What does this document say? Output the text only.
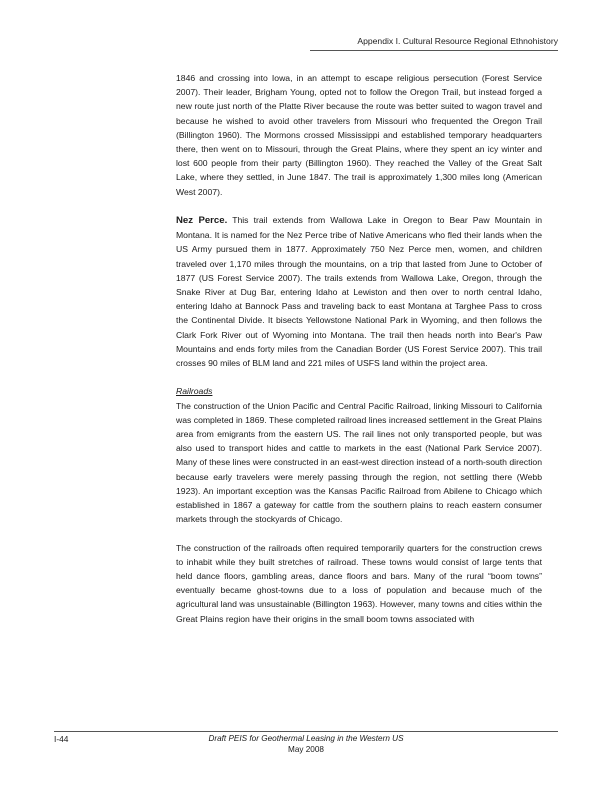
Appendix I. Cultural Resource Regional Ethnohistory

1846 and crossing into Iowa, in an attempt to escape religious persecution (Forest Service 2007). Their leader, Brigham Young, opted not to follow the Oregon Trail, but instead forged a new route just north of the Platte River because the route was better suited to wagon travel and because he wished to avoid other travelers from Missouri who frequented the Oregon Trail (Billington 1960). The Mormons crossed Mississippi and established temporary headquarters there, then went on to Missouri, through the Great Plains, where they spent an icy winter and lost 600 people from their party (Billington 1960). They reached the Valley of the Great Salt Lake, where they settled, in June 1847. The trail is approximately 1,300 miles long (American West 2007).

Nez Perce. This trail extends from Wallowa Lake in Oregon to Bear Paw Mountain in Montana. It is named for the Nez Perce tribe of Native Americans who fled their lands when the US Army pursued them in 1877. Approximately 750 Nez Perce men, women, and children traveled over 1,170 miles through the mountains, on a trip that lasted from June to October of 1877 (US Forest Service 2007). The trails extends from Wallowa Lake, Oregon, through the Snake River at Dug Bar, entering Idaho at Lewiston and then over to north central Idaho, entering Idaho at Bannock Pass and traveling back to east Montana at Targhee Pass to cross the Continental Divide. It bisects Yellowstone National Park in Wyoming, and then follows the Clark Fork River out of Wyoming into Montana. The trail then heads north into Bear's Paw Mountains and ends forty miles from the Canadian Border (US Forest Service 2007). This trail crosses 90 miles of BLM land and 221 miles of USFS land within the project area.

Railroads

The construction of the Union Pacific and Central Pacific Railroad, linking Missouri to California was completed in 1869. These completed railroad lines increased settlement in the Great Plains area from emigrants from the eastern US. The rail lines not only transported people, but was also used to transport hides and cattle to markets in the east (National Park Service 2007). Many of these lines were constructed in an east-west direction instead of a north-south direction because early travelers were merely passing through the region, not settling there (Webb 1923). An important exception was the Kansas Pacific Railroad from Abilene to Chicago which established in 1867 a gateway for cattle from the southern plains to reach eastern consumer markets through the stockyards of Chicago.

The construction of the railroads often required temporarily quarters for the construction crews to inhabit while they built stretches of railroad. These towns would consist of large tents that held dance floors, gambling areas, dance floors and bars. Many of the rural “boom towns” eventually became ghost-towns due to a loss of population and because much of the agricultural land was unsustainable (Billington 1963). However, many towns and cities within the Great Plains region have their origins in the small boom towns associated with

I-44	Draft PEIS for Geothermal Leasing in the Western US
May 2008
